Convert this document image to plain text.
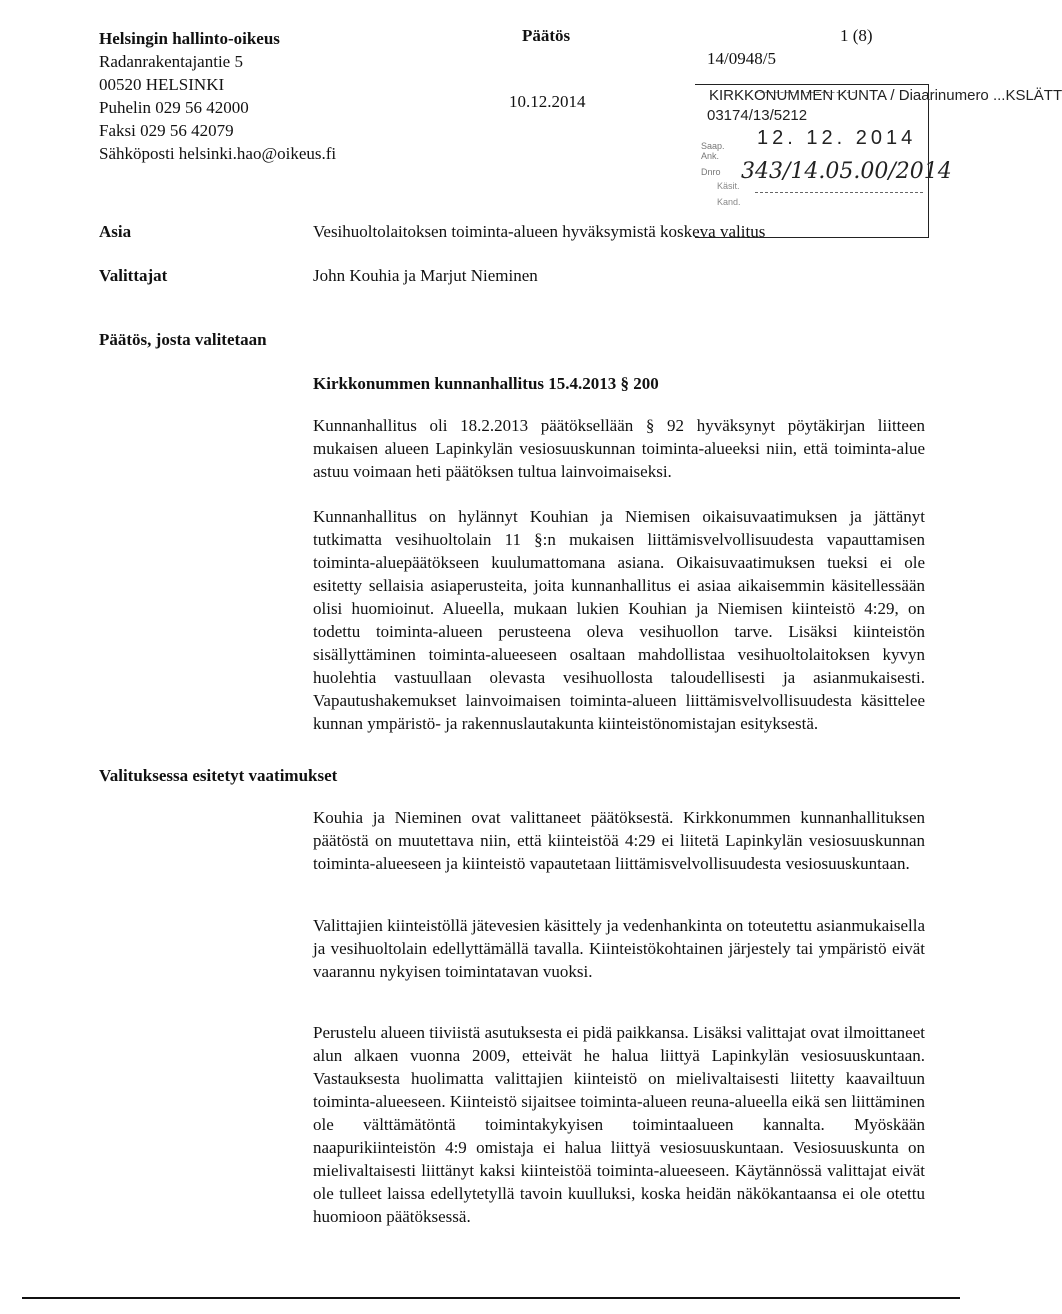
Helsingin hallinto-oikeus
Radanrakentajantie 5
00520 HELSINKI
Puhelin 029 56 42000
Faksi 029 56 42079
Sähköposti helsinki.hao@oikeus.fi
Päätös
10.12.2014
14/0948/5
1 (8)
KIRKKONUMMEN KUNTA / Diaarinumero ...KSLÄTT
03174/13/5212
Saap.
Ank.
12. 12. 2014
Dnro 343/14.05.00/2014
Käsit.
Kand.
Asia	Vesihuoltolaitoksen toiminta-alueen hyväksymistä koskeva valitus
Valittajat	John Kouhia ja Marjut Nieminen
Päätös, josta valitetaan
Kirkkonummen kunnanhallitus 15.4.2013 § 200
Kunnanhallitus oli 18.2.2013 päätöksellään § 92 hyväksynyt pöytäkirjan liitteen mukaisen alueen Lapinkylän vesiosuuskunnan toiminta-alueeksi niin, että toiminta-alue astuu voimaan heti päätöksen tultua lainvoimaiseksi.
Kunnanhallitus on hylännyt Kouhian ja Niemisen oikaisuvaatimuksen ja jättänyt tutkimatta vesihuoltolain 11 §:n mukaisen liittämisvelvollisuudesta vapauttamisen toiminta-aluepäätökseen kuulumattomana asiana. Oikaisuvaatimuksen tueksi ei ole esitetty sellaisia asiaperusteita, joita kunnanhallitus ei asiaa aikaisemmin käsitellessään olisi huomioinut. Alueella, mukaan lukien Kouhian ja Niemisen kiinteistö 4:29, on todettu toiminta-alueen perusteena oleva vesihuollon tarve. Lisäksi kiinteistön sisällyttäminen toiminta-alueeseen osaltaan mahdollistaa vesihuoltolaitoksen kyvyn huolehtia vastuullaan olevasta vesihuollosta taloudellisesti ja asianmukaisesti. Vapautushakemukset lainvoimaisen toiminta-alueen liittämisvelvollisuudesta käsittelee kunnan ympäristö- ja rakennuslautakunta kiinteistönomistajan esityksestä.
Valituksessa esitetyt vaatimukset
Kouhia ja Nieminen ovat valittaneet päätöksestä. Kirkkonummen kunnanhallituksen päätöstä on muutettava niin, että kiinteistöä 4:29 ei liitetä Lapinkylän vesiosuuskunnan toiminta-alueeseen ja kiinteistö vapautetaan liittämisvelvollisuudesta vesiosuuskuntaan.
Valittajien kiinteistöllä jätevesien käsittely ja vedenhankinta on toteutettu asianmukaisella ja vesihuoltolain edellyttämällä tavalla. Kiinteistökohtainen järjestely tai ympäristö eivät vaarannu nykyisen toimintatavan vuoksi.
Perustelu alueen tiiviistä asutuksesta ei pidä paikkansa. Lisäksi valittajat ovat ilmoittaneet alun alkaen vuonna 2009, etteivät he halua liittyä Lapinkylän vesiosuuskuntaan. Vastauksesta huolimatta valittajien kiinteistö on mielivaltaisesti liitetty kaavailtuun toiminta-alueeseen. Kiinteistö sijaitsee toiminta-alueen reuna-alueella eikä sen liittäminen ole välttämätöntä toimintakykyisen toimintaalueen kannalta. Myöskään naapurikiinteistön 4:9 omistaja ei halua liittyä vesiosuuskuntaan. Vesiosuuskunta on mielivaltaisesti liittänyt kaksi kiinteistöä toiminta-alueeseen. Käytännössä valittajat eivät ole tulleet laissa edellytetyllä tavoin kuulluksi, koska heidän näkökantaansa ei ole otettu huomioon päätöksessä.
